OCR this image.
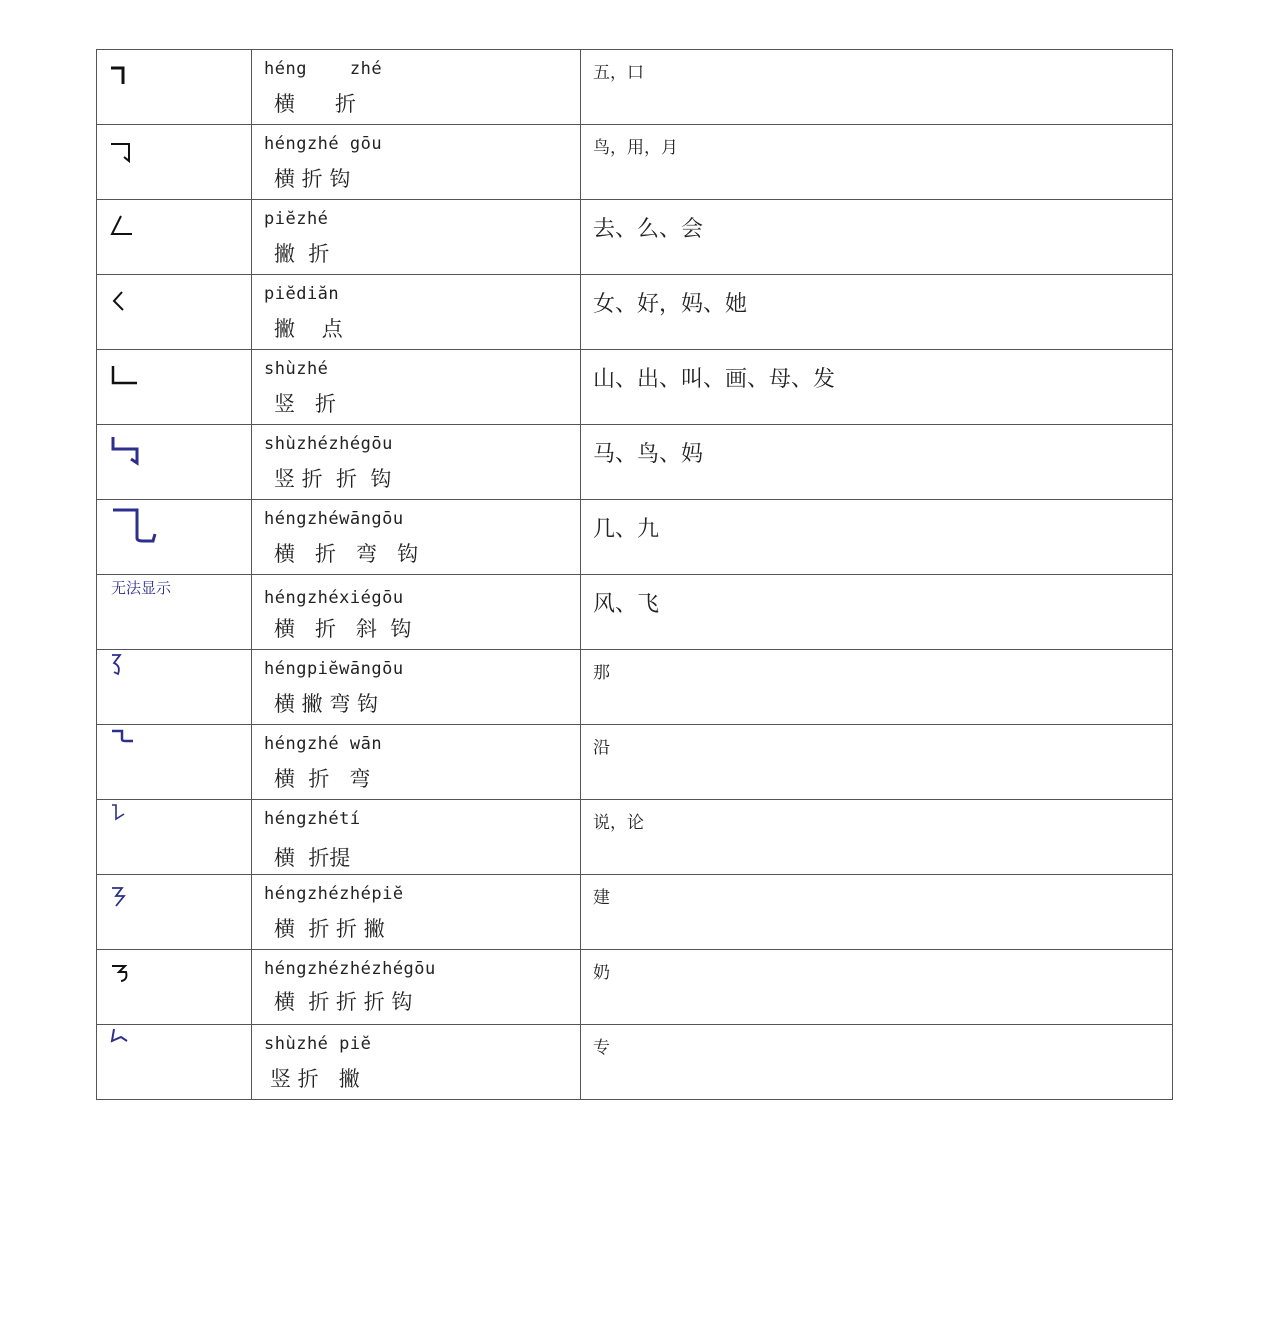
héng    zhé
横      折	五，口

héngzhé gōu
横 折 钩	鸟，用，月

piĕzhé
撇  折	去、么、会

piĕdiăn
撇    点	女、好，妈、她

shùzhé
竖   折	山、出、叫、画、母、发

shùzhézhégōu
竖 折  折  钩	马、鸟、妈

héngzhéwāngōu
横   折   弯   钩	几、九

无法显示	héngzhéxiégōu
横   折   斜  钩	风、飞

héngpiĕwāngōu
横 撇 弯 钩	那

héngzhé wān
横  折   弯	沿

héngzhétí
横  折提	说，论

héngzhézhépiĕ
横  折 折 撇	建

héngzhézhézhégōu
横  折 折 折 钩	奶

shùzhé piĕ
竖 折   撇	专
